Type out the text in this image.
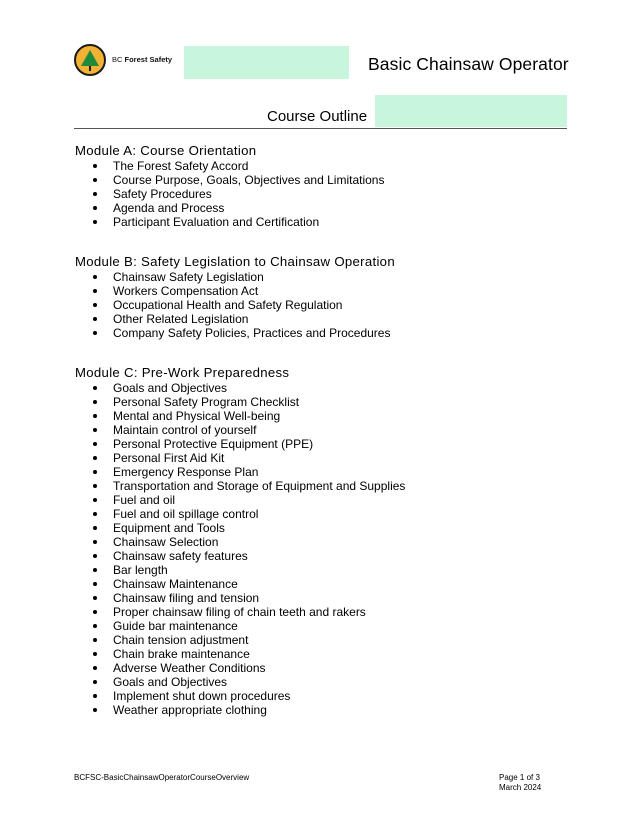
BC Forest Safety	Basic Chainsaw Operator
Course Outline
Module A: Course Orientation
The Forest Safety Accord
Course Purpose, Goals, Objectives and Limitations
Safety Procedures
Agenda and Process
Participant Evaluation and Certification
Module B: Safety Legislation to Chainsaw Operation
Chainsaw Safety Legislation
Workers Compensation Act
Occupational Health and Safety Regulation
Other Related Legislation
Company Safety Policies, Practices and Procedures
Module C: Pre-Work Preparedness
Goals and Objectives
Personal Safety Program Checklist
Mental and Physical Well-being
Maintain control of yourself
Personal Protective Equipment (PPE)
Personal First Aid Kit
Emergency Response Plan
Transportation and Storage of Equipment and Supplies
Fuel and oil
Fuel and oil spillage control
Equipment and Tools
Chainsaw Selection
Chainsaw safety features
Bar length
Chainsaw Maintenance
Chainsaw filing and tension
Proper chainsaw filing of chain teeth and rakers
Guide bar maintenance
Chain tension adjustment
Chain brake maintenance
Adverse Weather Conditions
Goals and Objectives
Implement shut down procedures
Weather appropriate clothing
BCFSC-BasicChainsawOperatorCourseOverview	Page 1 of 3
March 2024
